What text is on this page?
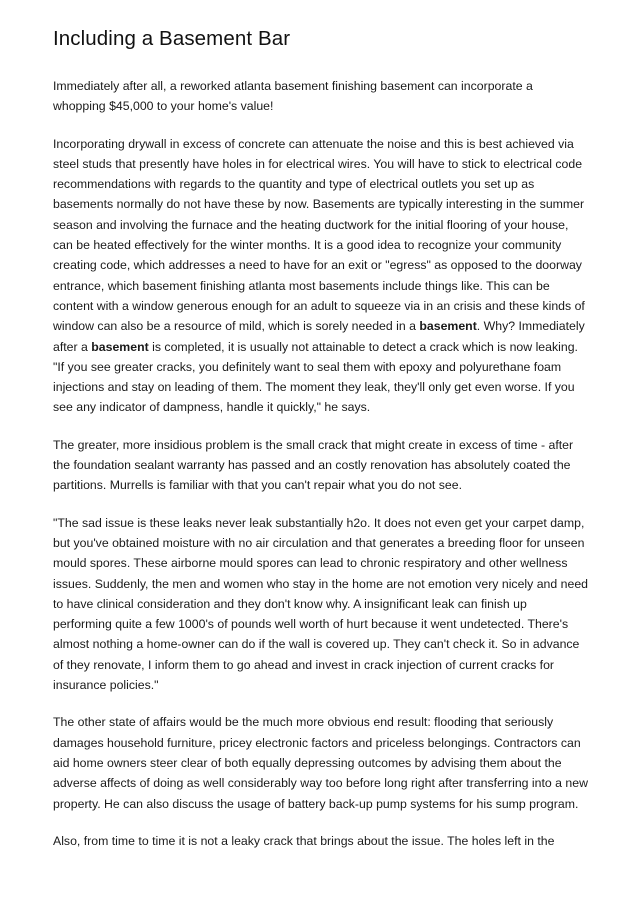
Including a Basement Bar

Immediately after all, a reworked atlanta basement finishing basement can incorporate a whopping $45,000 to your home's value!

Incorporating drywall in excess of concrete can attenuate the noise and this is best achieved via steel studs that presently have holes in for electrical wires. You will have to stick to electrical code recommendations with regards to the quantity and type of electrical outlets you set up as basements normally do not have these by now. Basements are typically interesting in the summer season and involving the furnace and the heating ductwork for the initial flooring of your house, can be heated effectively for the winter months. It is a good idea to recognize your community creating code, which addresses a need to have for an exit or "egress" as opposed to the doorway entrance, which basement finishing atlanta most basements include things like. This can be content with a window generous enough for an adult to squeeze via in an crisis and these kinds of window can also be a resource of mild, which is sorely needed in a basement. Why? Immediately after a basement is completed, it is usually not attainable to detect a crack which is now leaking. "If you see greater cracks, you definitely want to seal them with epoxy and polyurethane foam injections and stay on leading of them. The moment they leak, they'll only get even worse. If you see any indicator of dampness, handle it quickly," he says.

The greater, more insidious problem is the small crack that might create in excess of time - after the foundation sealant warranty has passed and an costly renovation has absolutely coated the partitions. Murrells is familiar with that you can't repair what you do not see.

"The sad issue is these leaks never leak substantially h2o. It does not even get your carpet damp, but you've obtained moisture with no air circulation and that generates a breeding floor for unseen mould spores. These airborne mould spores can lead to chronic respiratory and other wellness issues. Suddenly, the men and women who stay in the home are not emotion very nicely and need to have clinical consideration and they don't know why. A insignificant leak can finish up performing quite a few 1000's of pounds well worth of hurt because it went undetected. There's almost nothing a home-owner can do if the wall is covered up. They can't check it. So in advance of they renovate, I inform them to go ahead and invest in crack injection of current cracks for insurance policies."

The other state of affairs would be the much more obvious end result: flooding that seriously damages household furniture, pricey electronic factors and priceless belongings. Contractors can aid home owners steer clear of both equally depressing outcomes by advising them about the adverse affects of doing as well considerably way too before long right after transferring into a new property. He can also discuss the usage of battery back-up pump systems for his sump program.

Also, from time to time it is not a leaky crack that brings about the issue. The holes left in the
